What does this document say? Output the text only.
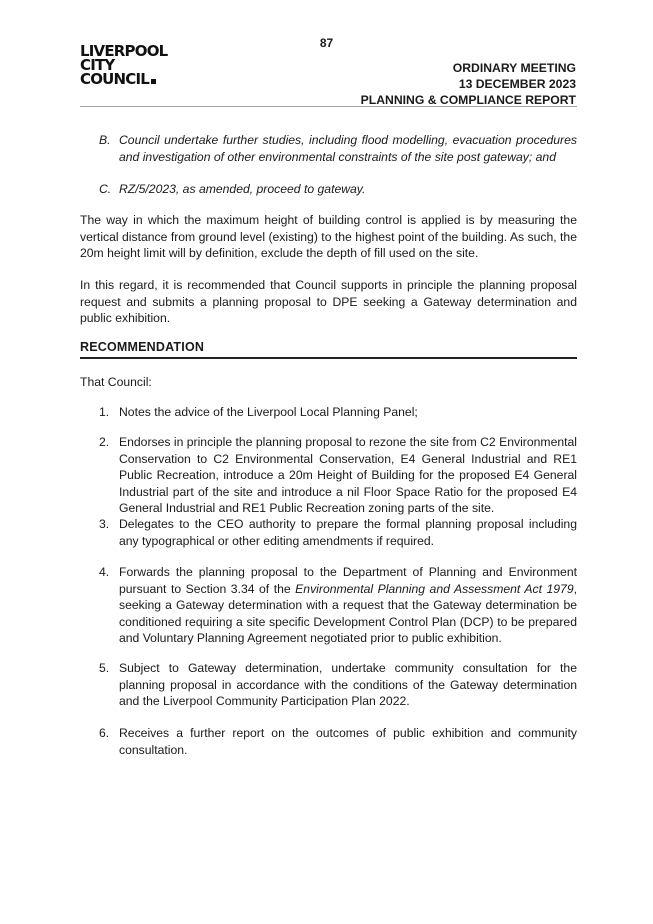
87
LIVERPOOL
CITY
COUNCIL
ORDINARY MEETING
13 DECEMBER 2023
PLANNING & COMPLIANCE REPORT
B. Council undertake further studies, including flood modelling, evacuation procedures and investigation of other environmental constraints of the site post gateway; and
C. RZ/5/2023, as amended, proceed to gateway.
The way in which the maximum height of building control is applied is by measuring the vertical distance from ground level (existing) to the highest point of the building. As such, the 20m height limit will by definition, exclude the depth of fill used on the site.
In this regard, it is recommended that Council supports in principle the planning proposal request and submits a planning proposal to DPE seeking a Gateway determination and public exhibition.
RECOMMENDATION
That Council:
1. Notes the advice of the Liverpool Local Planning Panel;
2. Endorses in principle the planning proposal to rezone the site from C2 Environmental Conservation to C2 Environmental Conservation, E4 General Industrial and RE1 Public Recreation, introduce a 20m Height of Building for the proposed E4 General Industrial part of the site and introduce a nil Floor Space Ratio for the proposed E4 General Industrial and RE1 Public Recreation zoning parts of the site.
3. Delegates to the CEO authority to prepare the formal planning proposal including any typographical or other editing amendments if required.
4. Forwards the planning proposal to the Department of Planning and Environment pursuant to Section 3.34 of the Environmental Planning and Assessment Act 1979, seeking a Gateway determination with a request that the Gateway determination be conditioned requiring a site specific Development Control Plan (DCP) to be prepared and Voluntary Planning Agreement negotiated prior to public exhibition.
5. Subject to Gateway determination, undertake community consultation for the planning proposal in accordance with the conditions of the Gateway determination and the Liverpool Community Participation Plan 2022.
6. Receives a further report on the outcomes of public exhibition and community consultation.
